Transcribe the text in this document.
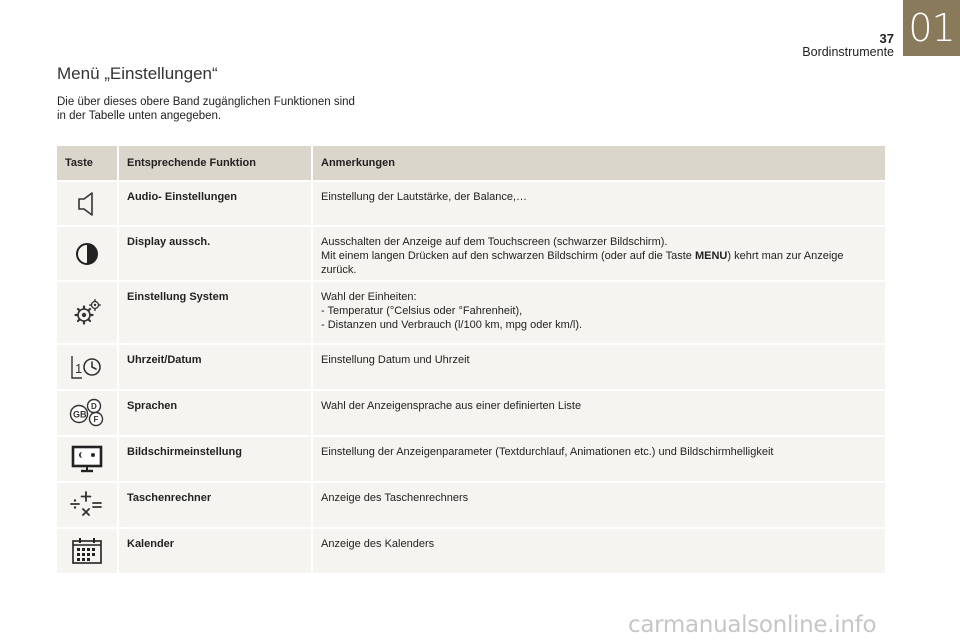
01
37
Bordinstrumente
Menü „Einstellungen“
Die über dieses obere Band zugänglichen Funktionen sind in der Tabelle unten angegeben.
Taste	Entsprechende Funktion	Anmerkungen

	Audio- Einstellungen	Einstellung der Lautstärke, der Balance,…

	Display aussch.	Ausschalten der Anzeige auf dem Touchscreen (schwarzer Bildschirm).
Mit einem langen Drücken auf den schwarzen Bildschirm (oder auf die Taste MENU) kehrt man zur Anzeige zurück.

	Einstellung System	Wahl der Einheiten:
- Temperatur (°Celsius oder °Fahrenheit),
- Distanzen und Verbrauch (l/100 km, mpg oder km/l).

1	Uhrzeit/Datum	Einstellung Datum und Uhrzeit

GB
D
F	Sprachen	Wahl der Anzeigensprache aus einer definierten Liste

	Bildschirmeinstellung	Einstellung der Anzeigenparameter (Textdurchlauf, Animationen etc.) und Bildschirmhelligkeit

	Taschenrechner	Anzeige des Taschenrechners

	Kalender	Anzeige des Kalenders
carmanualsonline.info
